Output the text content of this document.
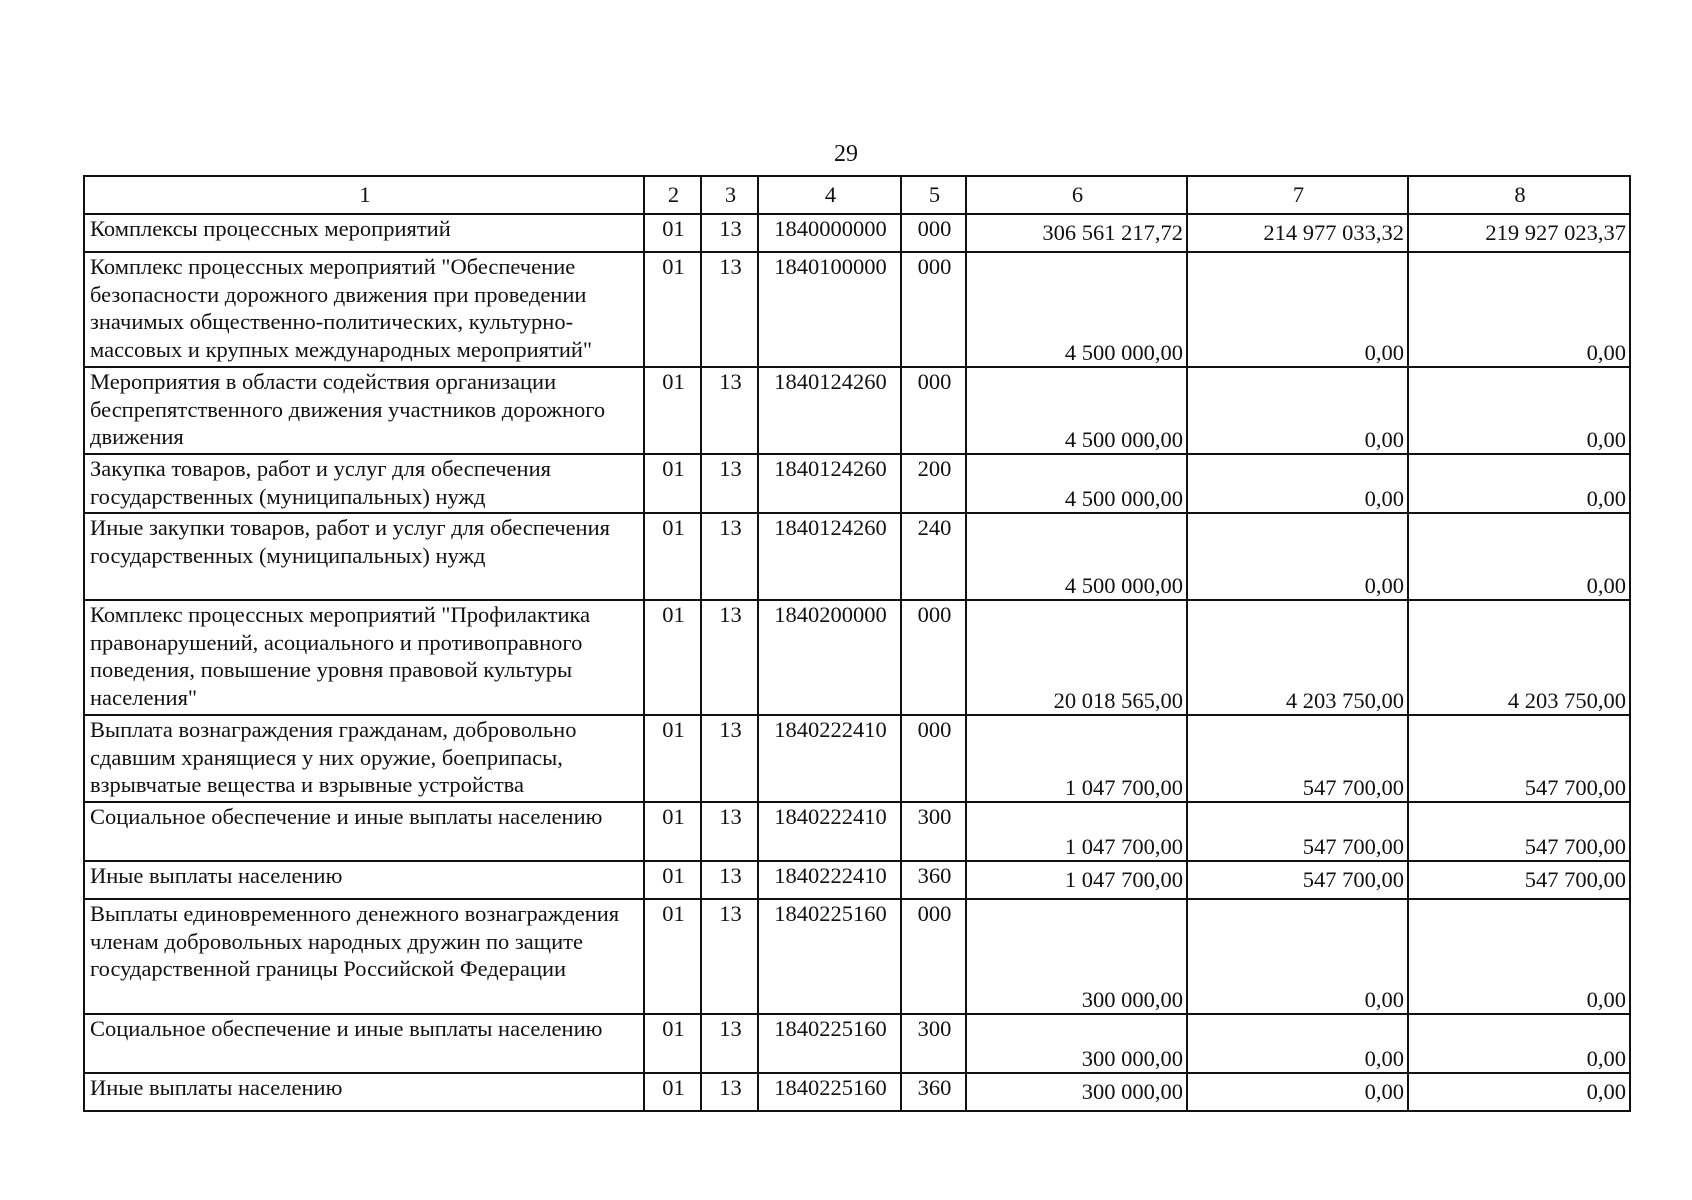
29
1	2	3	4	5	6	7	8
Комплексы процессных мероприятий	01	13	1840000000	000	306 561 217,72	214 977 033,32	219 927 023,37
Комплекс процессных мероприятий "Обеспечение безопасности дорожного движения при проведении значимых общественно-политических, культурно-массовых и крупных международных мероприятий"	01	13	1840100000	000	4 500 000,00	0,00	0,00
Мероприятия в области содействия организации беспрепятственного движения участников дорожного движения	01	13	1840124260	000	4 500 000,00	0,00	0,00
Закупка товаров, работ и услуг для обеспечения государственных (муниципальных) нужд	01	13	1840124260	200	4 500 000,00	0,00	0,00
Иные закупки товаров, работ и услуг для обеспечения государственных (муниципальных) нужд	01	13	1840124260	240	4 500 000,00	0,00	0,00
Комплекс процессных мероприятий "Профилактика правонарушений, асоциального и противоправного поведения, повышение уровня правовой культуры населения"	01	13	1840200000	000	20 018 565,00	4 203 750,00	4 203 750,00
Выплата вознаграждения гражданам, добровольно сдавшим хранящиеся у них оружие, боеприпасы, взрывчатые вещества и взрывные устройства	01	13	1840222410	000	1 047 700,00	547 700,00	547 700,00
Социальное обеспечение и иные выплаты населению	01	13	1840222410	300	1 047 700,00	547 700,00	547 700,00
Иные выплаты населению	01	13	1840222410	360	1 047 700,00	547 700,00	547 700,00
Выплаты единовременного денежного вознаграждения членам добровольных народных дружин по защите государственной границы Российской Федерации	01	13	1840225160	000	300 000,00	0,00	0,00
Социальное обеспечение и иные выплаты населению	01	13	1840225160	300	300 000,00	0,00	0,00
Иные выплаты населению	01	13	1840225160	360	300 000,00	0,00	0,00
